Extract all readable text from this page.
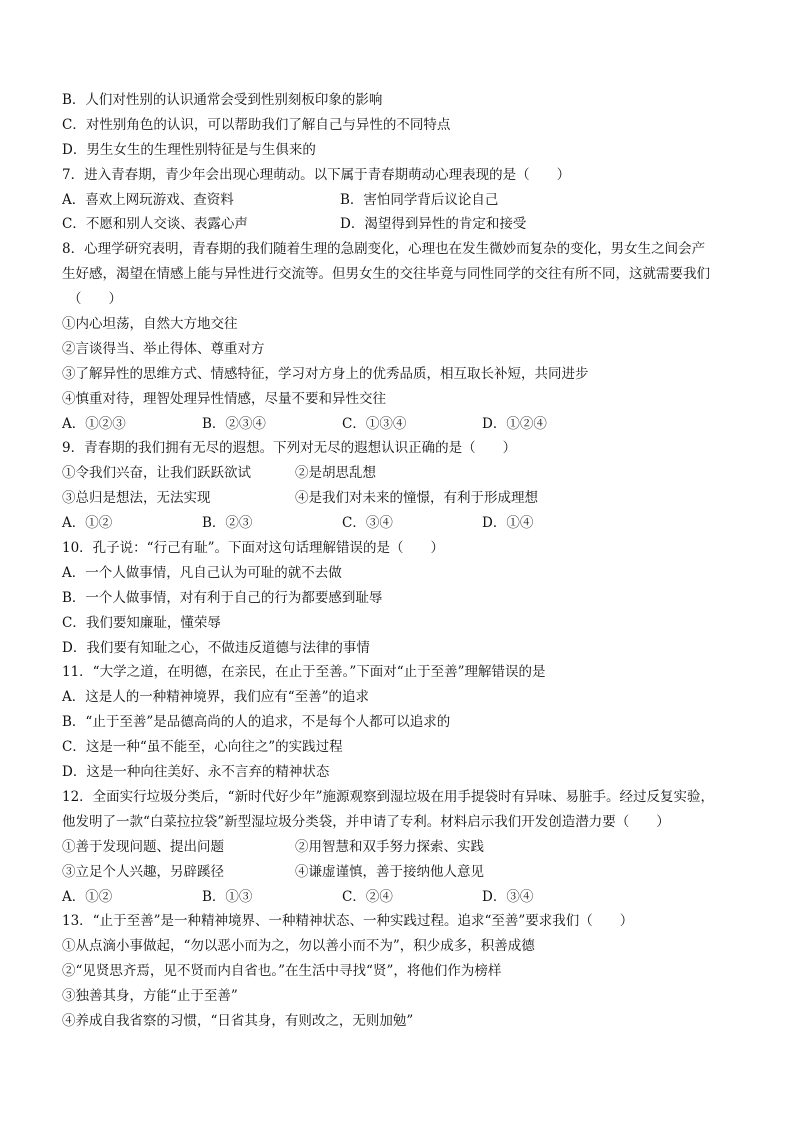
B．人们对性别的认识通常会受到性别刻板印象的影响
C．对性别角色的认识，可以帮助我们了解自己与异性的不同特点
D．男生女生的生理性别特征是与生俱来的
7．进入青春期，青少年会出现心理萌动。以下属于青春期萌动心理表现的是（　　）
A．喜欢上网玩游戏、查资料	B．害怕同学背后议论自己
C．不愿和别人交谈、表露心声	D．渴望得到异性的肯定和接受
8．心理学研究表明，青春期的我们随着生理的急剧变化，心理也在发生微妙而复杂的变化，男女生之间会产
生好感，渴望在情感上能与异性进行交流等。但男女生的交往毕竟与同性同学的交往有所不同，这就需要我们
（　　）
①内心坦荡，自然大方地交往
②言谈得当、举止得体、尊重对方
③了解异性的思维方式、情感特征，学习对方身上的优秀品质，相互取长补短，共同进步
④慎重对待，理智处理异性情感，尽量不要和异性交往
A．①②③	B．②③④	C．①③④	D．①②④
9．青春期的我们拥有无尽的遐想。下列对无尽的遐想认识正确的是（　　）
①令我们兴奋，让我们跃跃欲试	②是胡思乱想
③总归是想法，无法实现	④是我们对未来的憧憬，有利于形成理想
A．①②	B．②③	C．③④	D．①④
10．孔子说：“行己有耻”。下面对这句话理解错误的是（　　）
A．一个人做事情，凡自己认为可耻的就不去做
B．一个人做事情，对有利于自己的行为都要感到耻辱
C．我们要知廉耻，懂荣辱
D．我们要有知耻之心，不做违反道德与法律的事情
11．“大学之道，在明德，在亲民，在止于至善。”下面对“止于至善”理解错误的是
A．这是人的一种精神境界，我们应有“至善”的追求
B．“止于至善”是品德高尚的人的追求，不是每个人都可以追求的
C．这是一种“虽不能至，心向往之”的实践过程
D．这是一种向往美好、永不言弃的精神状态
12．全面实行垃圾分类后，“新时代好少年”施源观察到湿垃圾在用手提袋时有异味、易脏手。经过反复实验，
他发明了一款“白菜拉拉袋”新型湿垃圾分类袋，并申请了专利。材料启示我们开发创造潜力要（　　）
①善于发现问题、提出问题	②用智慧和双手努力探索、实践
③立足个人兴趣，另辟蹊径	④谦虚谨慎，善于接纳他人意见
A．①②	B．①③	C．②④	D．③④
13．“止于至善”是一种精神境界、一种精神状态、一种实践过程。追求“至善”要求我们（　　）
①从点滴小事做起，“勿以恶小而为之，勿以善小而不为”，积少成多，积善成德
②“见贤思齐焉，见不贤而内自省也。”在生活中寻找“贤”，将他们作为榜样
③独善其身，方能“止于至善”
④养成自我省察的习惯，“日省其身，有则改之，无则加勉”
